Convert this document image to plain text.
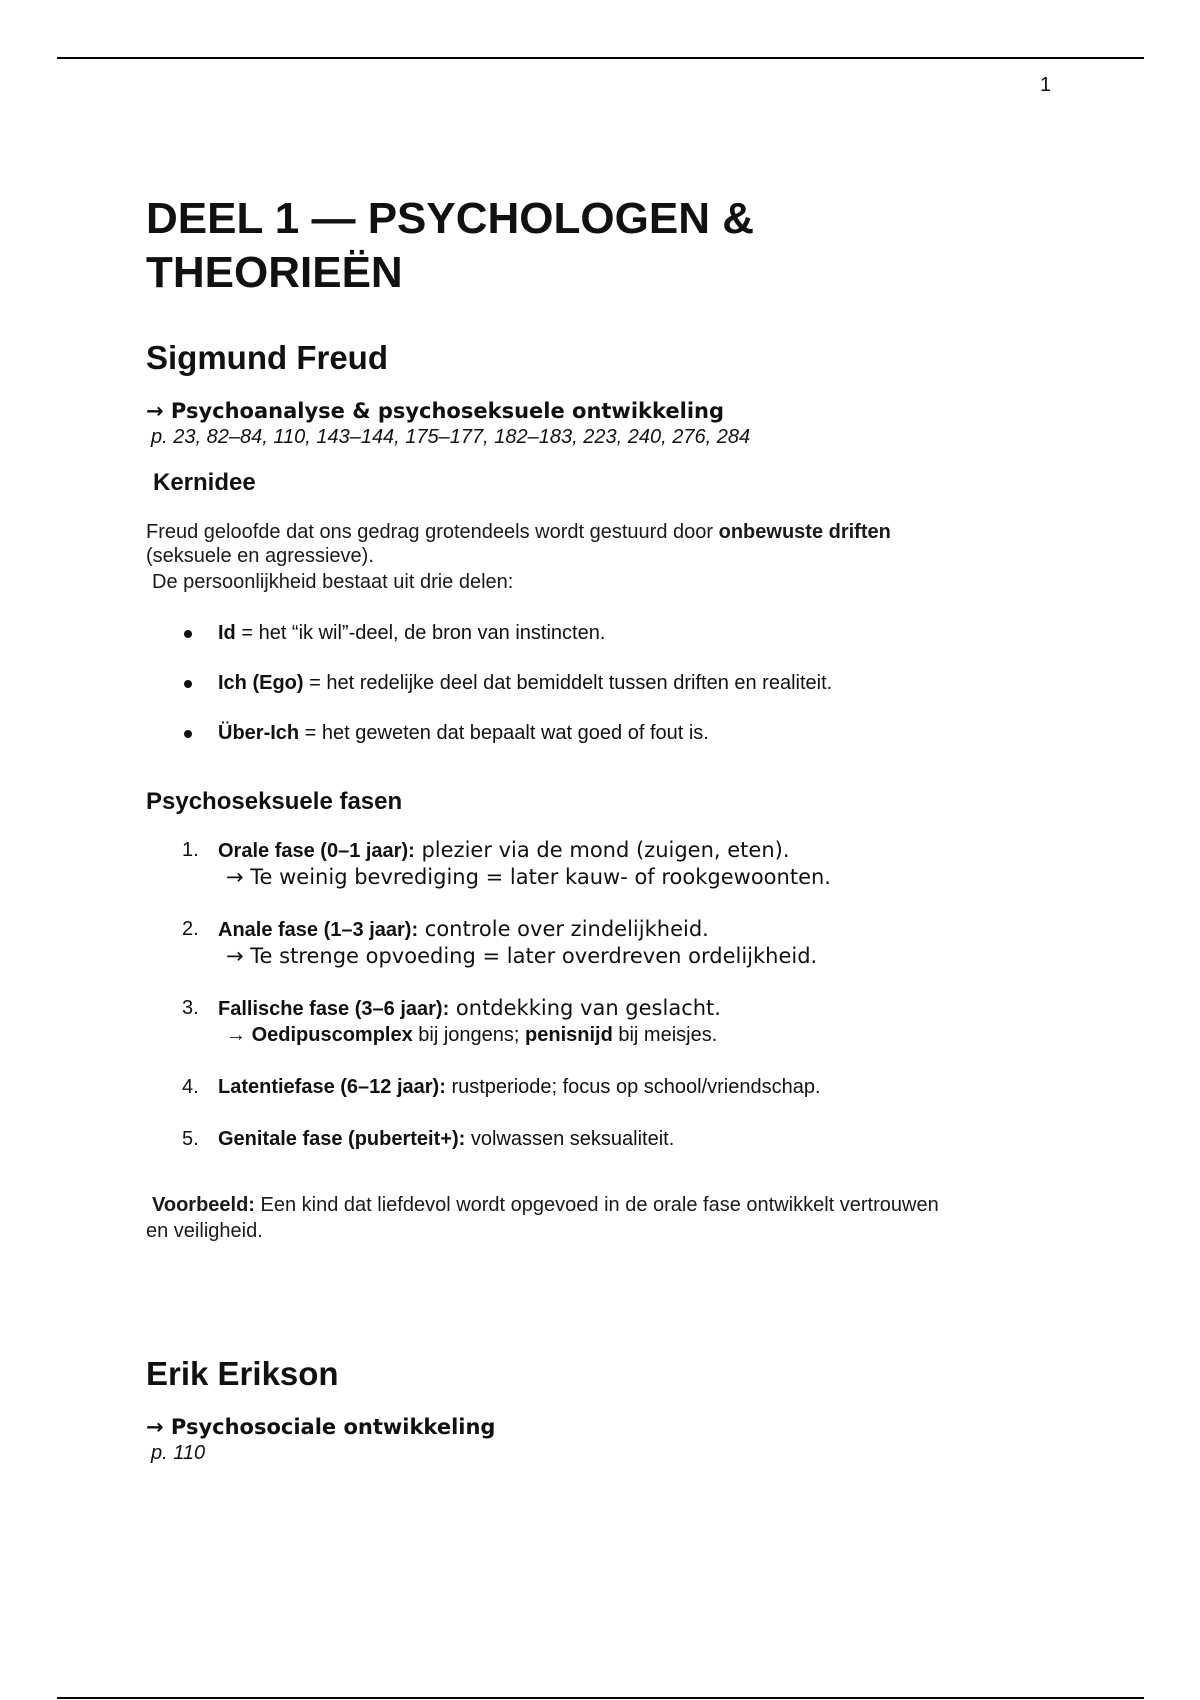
1
DEEL 1 — PSYCHOLOGEN &
THEORIEËN
Sigmund Freud
→ Psychoanalyse & psychoseksuele ontwikkeling
p. 23, 82–84, 110, 143–144, 175–177, 182–183, 223, 240, 276, 284
Kernidee
Freud geloofde dat ons gedrag grotendeels wordt gestuurd door onbewuste driften
(seksuele en agressieve).
De persoonlijkheid bestaat uit drie delen:
Id = het “ik wil”-deel, de bron van instincten.
Ich (Ego) = het redelijke deel dat bemiddelt tussen driften en realiteit.
Über-Ich = het geweten dat bepaalt wat goed of fout is.
Psychoseksuele fasen
1. Orale fase (0–1 jaar): plezier via de mond (zuigen, eten).
→ Te weinig bevrediging = later kauw- of rookgewoonten.
2. Anale fase (1–3 jaar): controle over zindelijkheid.
→ Te strenge opvoeding = later overdreven ordelijkheid.
3. Fallische fase (3–6 jaar): ontdekking van geslacht.
→ Oedipuscomplex bij jongens; penisnijd bij meisjes.
4. Latentiefase (6–12 jaar): rustperiode; focus op school/vriendschap.
5. Genitale fase (puberteit+): volwassen seksualiteit.
Voorbeeld: Een kind dat liefdevol wordt opgevoed in de orale fase ontwikkelt vertrouwen
en veiligheid.
Erik Erikson
→ Psychosociale ontwikkeling
p. 110
